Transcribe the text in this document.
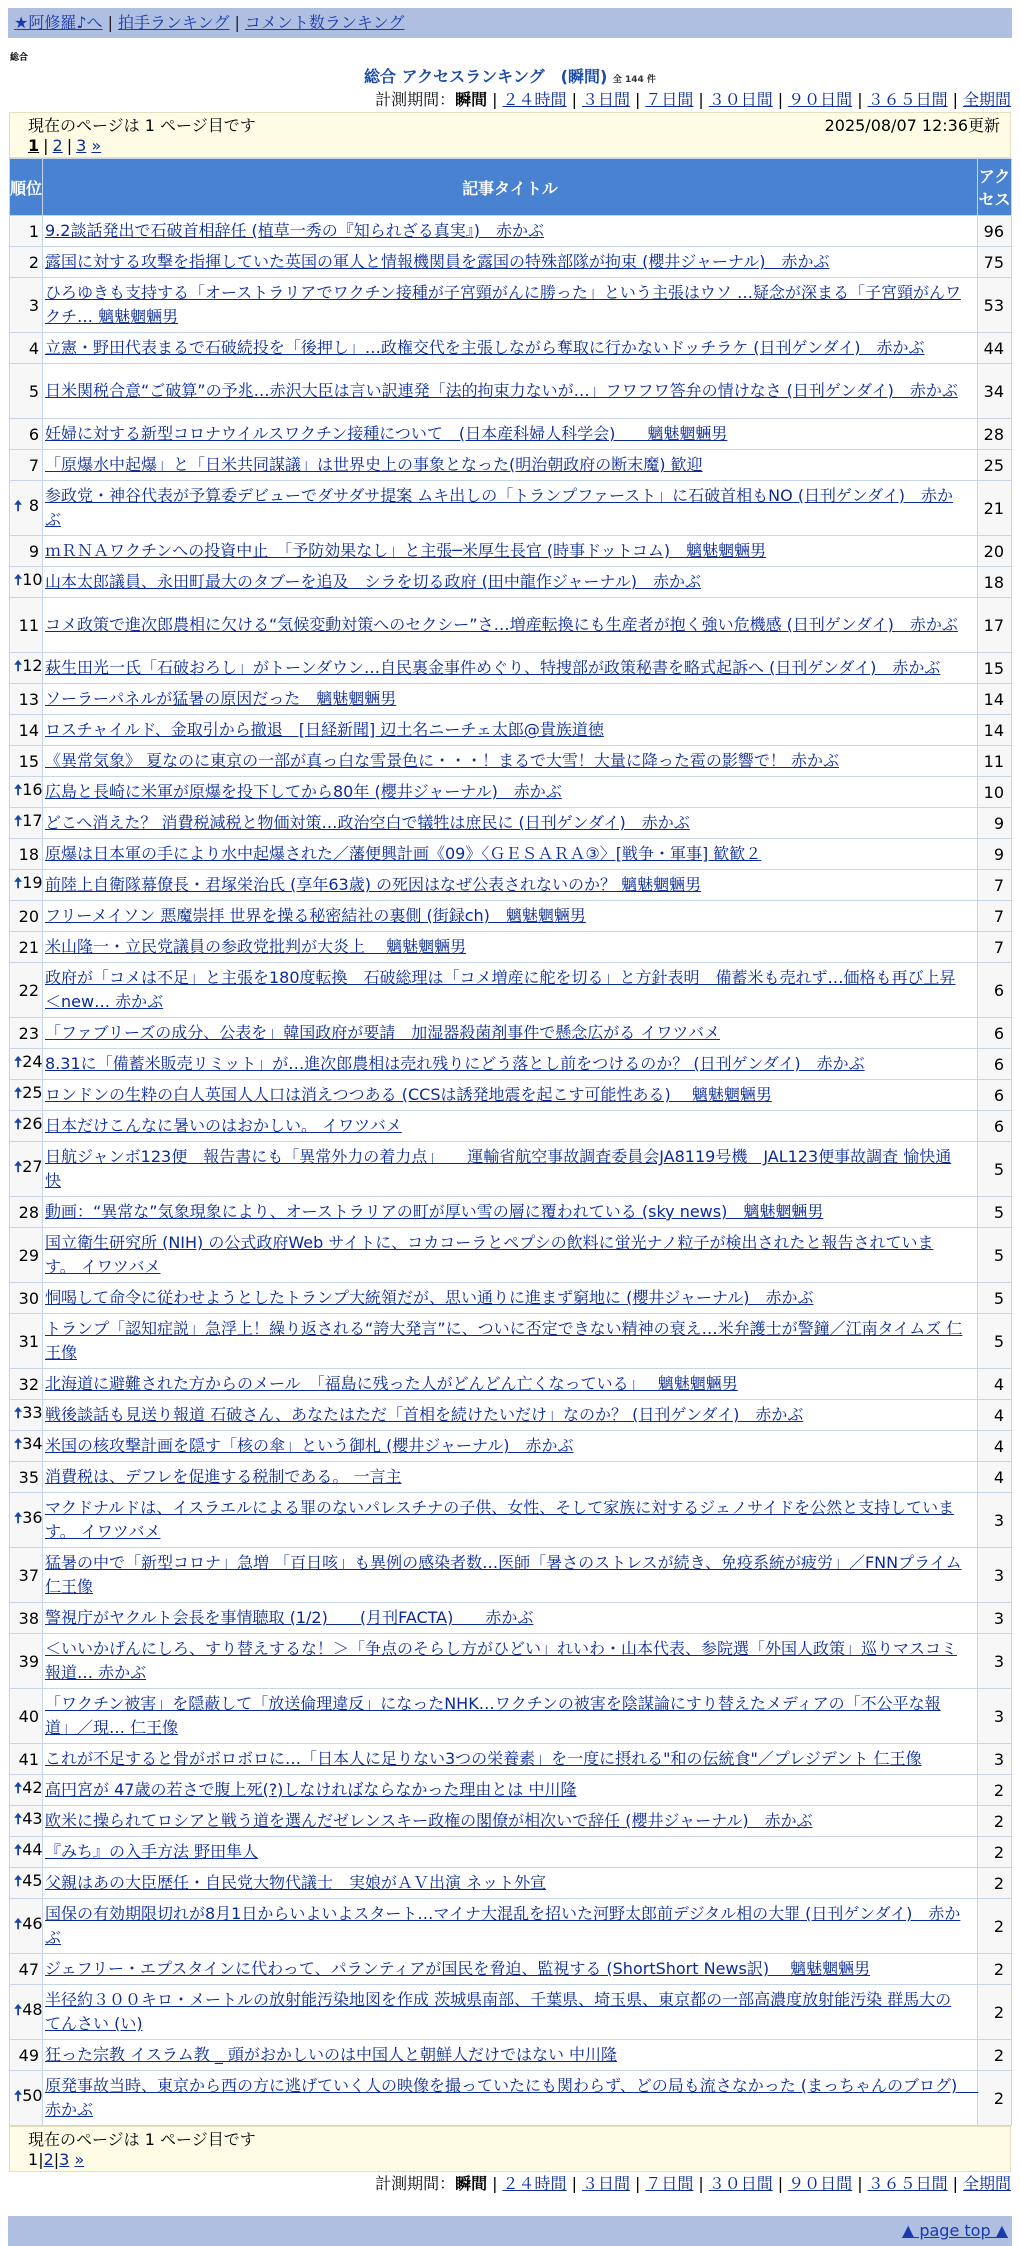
★阿修羅♪へ | 拍手ランキング | コメント数ランキング
総合
総合 アクセスランキング　(瞬間) 全 144 件
計測期間：瞬間 | ２４時間 | ３日間 | ７日間 | ３０日間 | ９０日間 | ３６５日間 | 全期間
現在のページは 1 ページ目です	2025/08/07 12:36更新
1 | 2 | 3 »
順位	記事タイトル	アクセス
1	9.2談話発出で石破首相辞任 (植草一秀の『知られざる真実』)　赤かぶ	96
2	露国に対する攻撃を指揮していた英国の軍人と情報機関員を露国の特殊部隊が拘束 (櫻井ジャーナル)　赤かぶ	75
3	ひろゆきも支持する「オーストラリアでワクチン接種が子宮頸がんに勝った」という主張はウソ …疑念が深まる「子宮頸がんワクチ… 魑魅魍魎男	53
4	立憲・野田代表まるで石破続投を「後押し」…政権交代を主張しながら奪取に行かないドッチラケ (日刊ゲンダイ)　赤かぶ	44
5	日米関税合意“ご破算”の予兆…赤沢大臣は言い訳連発「法的拘束力ないが…」フワフワ答弁の情けなさ (日刊ゲンダイ)　赤かぶ	34
6	妊婦に対する新型コロナウイルスワクチン接種について　(日本産科婦人科学会)　　魑魅魍魎男	28
7	「原爆水中起爆」と「日米共同謀議」は世界史上の事象となった(明治朝政府の断末魔) 歓迎	25

🠅 8	参政党・神谷代表が予算委デビューでダサダサ提案 ムキ出しの「トランプファースト」に石破首相もNO (日刊ゲンダイ)　赤かぶ	21
9	ｍＲＮＡワクチンへの投資中止　「予防効果なし」と主張─米厚生長官 (時事ドットコム)　魑魅魍魎男	20

🠅 10	山本太郎議員、永田町最大のタブーを追及　シラを切る政府 (田中龍作ジャーナル)　赤かぶ	18
11	コメ政策で進次郎農相に欠ける“気候変動対策へのセクシー”さ…増産転換にも生産者が抱く強い危機感 (日刊ゲンダイ)　赤かぶ	17

🠅 12	萩生田光一氏「石破おろし」がトーンダウン…自民裏金事件めぐり、特捜部が政策秘書を略式起訴へ (日刊ゲンダイ)　赤かぶ	15
13	ソーラーパネルが猛暑の原因だった　魑魅魍魎男	14
14	ロスチャイルド、金取引から撤退　[日経新聞] 辺土名ニーチェ太郎@貴族道徳	14
15	《異常気象》 夏なのに東京の一部が真っ白な雪景色に・・・！まるで大雪！大量に降った雹の影響で！ 赤かぶ	11

🠅 16	広島と長崎に米軍が原爆を投下してから80年 (櫻井ジャーナル)　赤かぶ	10

🠅 17	どこへ消えた？ 消費税減税と物価対策…政治空白で犠牲は庶民に (日刊ゲンダイ)　赤かぶ	9
18	原爆は日本軍の手により水中起爆された／藩便興計画《09》〈ＧＥＳＡＲＡ③〉[戦争・軍事] 歓歓２	9

🠅 19	前陸上自衛隊幕僚長・君塚栄治氏 (享年63歳) の死因はなぜ公表されないのか？ 魑魅魍魎男	7
20	フリーメイソン 悪魔崇拝 世界を操る秘密結社の裏側 (街録ch)　魑魅魍魎男	7
21	米山隆一・立民党議員の参政党批判が大炎上　 魑魅魍魎男	7
22	政府が「コメは不足」と主張を180度転換　石破総理は「コメ増産に舵を切る」と方針表明　備蓄米も売れず…価格も再び上昇＜new… 赤かぶ	6
23	「ファブリーズの成分、公表を」韓国政府が要請　加湿器殺菌剤事件で懸念広がる イワツバメ	6

🠅 24	8.31に「備蓄米販売リミット」が…進次郎農相は売れ残りにどう落とし前をつけるのか？ (日刊ゲンダイ)　赤かぶ	6

🠅 25	ロンドンの生粋の白人英国人人口は消えつつある (CCSは誘発地震を起こす可能性ある)　 魑魅魍魎男	6

🠅 26	日本だけこんなに暑いのはおかしい。 イワツバメ	6

🠅 27	日航ジャンボ123便　報告書にも「異常外力の着力点」　　運輸省航空事故調査委員会JA8119号機　JAL123便事故調査 愉快通快	5
28	動画：“異常な”気象現象により、オーストラリアの町が厚い雪の層に覆われている (sky news)　魑魅魍魎男	5
29	国立衛生研究所 (NIH) の公式政府Web サイトに、コカコーラとペプシの飲料に蛍光ナノ粒子が検出されたと報告されています。 イワツバメ	5
30	恫喝して命令に従わせようとしたトランプ大統領だが、思い通りに進まず窮地に (櫻井ジャーナル)　赤かぶ	5
31	トランプ「認知症説」急浮上！繰り返される“誇大発言”に、ついに否定できない精神の衰え…米弁護士が警鐘／江南タイムズ 仁王像	5
32	北海道に避難された方からのメール　「福島に残った人がどんどん亡くなっている」　 魑魅魍魎男	4

🠅 33	戦後談話も見送り報道 石破さん、あなたはただ「首相を続けたいだけ」なのか？ (日刊ゲンダイ)　赤かぶ	4

🠅 34	米国の核攻撃計画を隠す「核の傘」という御札 (櫻井ジャーナル)　赤かぶ	4
35	消費税は、デフレを促進する税制である。 一言主	4

🠅 36	マクドナルドは、イスラエルによる罪のないパレスチナの子供、女性、そして家族に対するジェノサイドを公然と支持しています。 イワツバメ	3
37	猛暑の中で「新型コロナ」急増 「百日咳」も異例の感染者数…医師「暑さのストレスが続き、免疫系統が疲労」／FNNプライム 仁王像	3
38	警視庁がヤクルト会長を事情聴取 (1/2)　　(月刊FACTA)　　赤かぶ	3
39	＜いいかげんにしろ、すり替えするな！＞「争点のそらし方がひどい」れいわ・山本代表、参院選「外国人政策」巡りマスコミ報道… 赤かぶ	3
40	「ワクチン被害」を隠蔽して「放送倫理違反」になったNHK…ワクチンの被害を陰謀論にすり替えたメディアの「不公平な報道」／現… 仁王像	3
41	これが不足すると骨がボロボロに…「日本人に足りない3つの栄養素」を一度に摂れる"和の伝統食"／プレジデント 仁王像	3

🠅 42	高円宮が 47歳の若さで腹上死(?)しなければならなかった理由とは 中川隆	2

🠅 43	欧米に操られてロシアと戦う道を選んだゼレンスキー政権の閣僚が相次いで辞任 (櫻井ジャーナル)　赤かぶ	2

🠅 44	『みち』の入手方法 野田隼人	2

🠅 45	父親はあの大臣歴任・自民党大物代議士　実娘がＡＶ出演 ネット外宣	2

🠅 46	国保の有効期限切れが8月1日からいよいよスタート…マイナ大混乱を招いた河野太郎前デジタル相の大罪 (日刊ゲンダイ)　赤かぶ	2
47	ジェフリー・エプスタインに代わって、パランティアが国民を脅迫、監視する (ShortShort News訳)　 魑魅魍魎男	2

🠅 48	半径約３００キロ・メートルの放射能汚染地図を作成 茨城県南部、千葉県、埼玉県、東京都の一部高濃度放射能汚染 群馬大のてんさい (い)	2
49	狂った宗教 イスラム教 _ 頭がおかしいのは中国人と朝鮮人だけではない 中川隆	2

🠅 50	原発事故当時、東京から西の方に逃げていく人の映像を撮っていたにも関わらず、どの局も流さなかった (まっちゃんのブログ)　 赤かぶ	2
現在のページは 1 ページ目です
1|2|3 »
計測期間：瞬間 | ２４時間 | ３日間 | ７日間 | ３０日間 | ９０日間 | ３６５日間 | 全期間
▲ page top ▲
